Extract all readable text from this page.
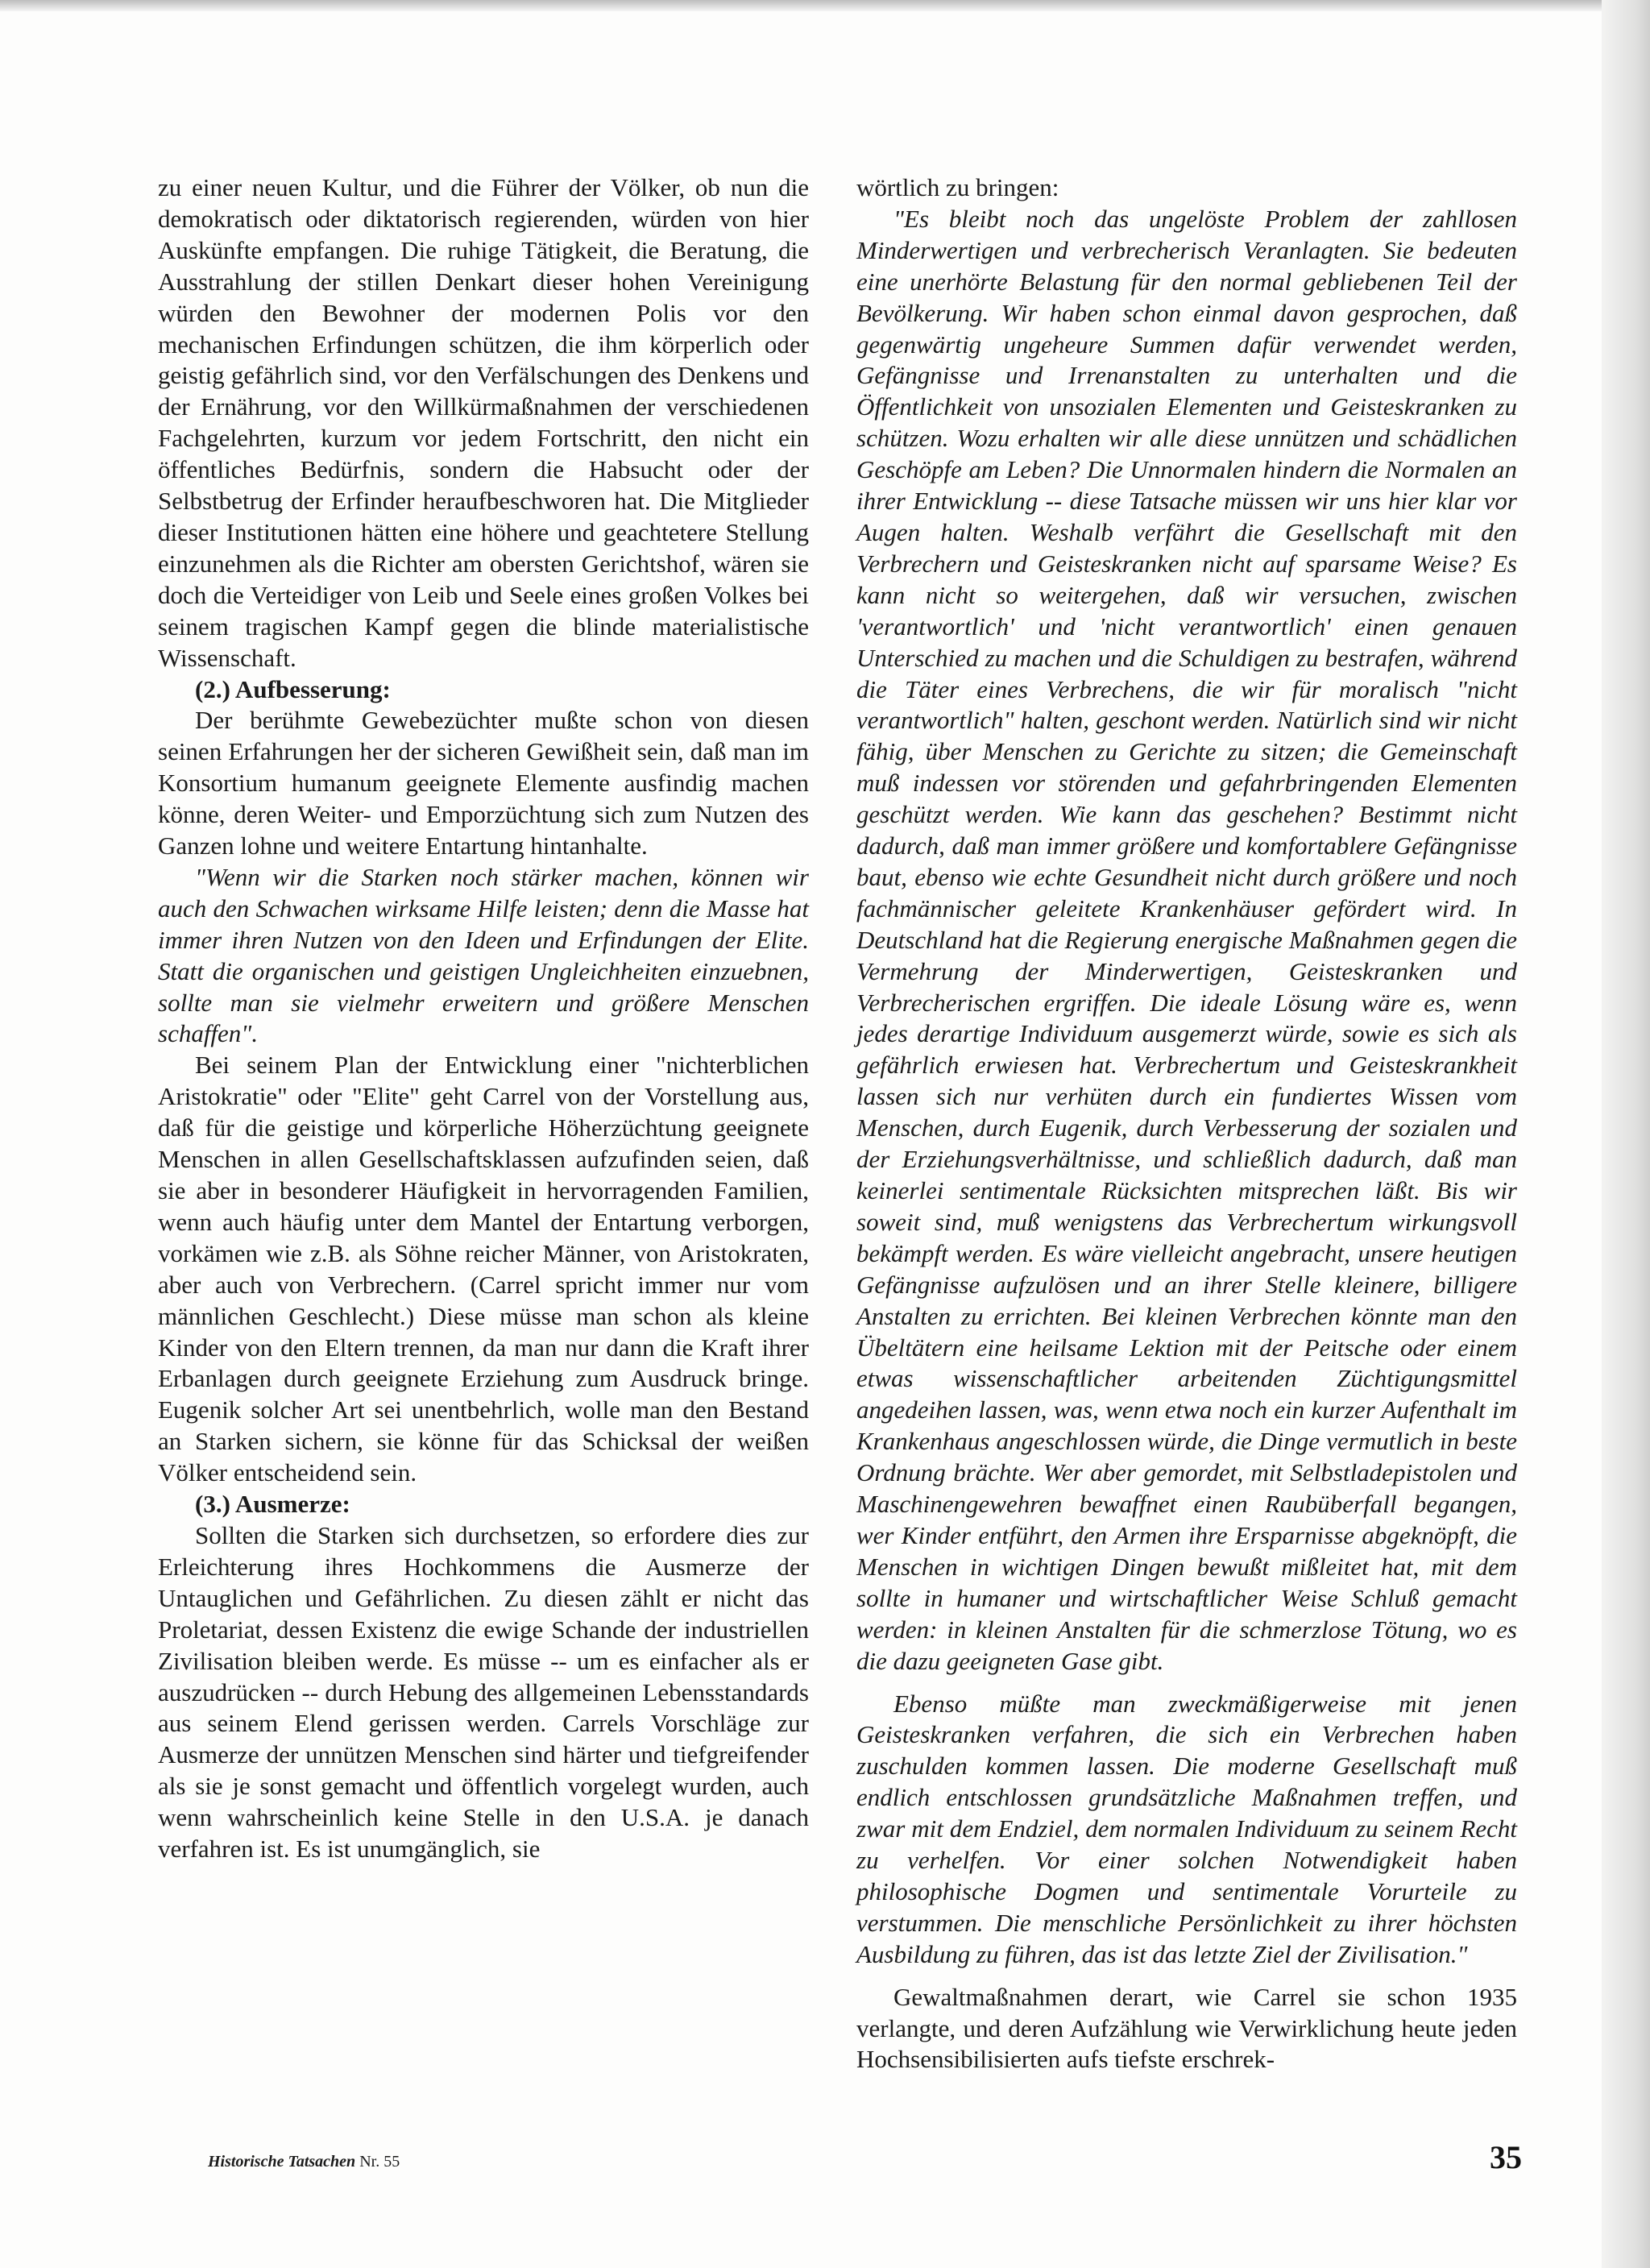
zu einer neuen Kultur, und die Führer der Völker, ob nun die demokratisch oder diktatorisch regierenden, würden von hier Auskünfte empfangen. Die ruhige Tätigkeit, die Beratung, die Ausstrahlung der stillen Denkart dieser hohen Vereinigung würden den Bewohner der modernen Polis vor den mechanischen Erfindungen schützen, die ihm körperlich oder geistig gefährlich sind, vor den Verfälschungen des Denkens und der Ernährung, vor den Willkürmaßnahmen der verschiedenen Fachgelehrten, kurzum vor jedem Fortschritt, den nicht ein öffentliches Bedürfnis, sondern die Habsucht oder der Selbstbetrug der Erfinder heraufbeschworen hat. Die Mitglieder dieser Institutionen hätten eine höhere und geachtetere Stellung einzunehmen als die Richter am obersten Gerichtshof, wären sie doch die Verteidiger von Leib und Seele eines großen Volkes bei seinem tragischen Kampf gegen die blinde materialistische Wissenschaft.

(2.) Aufbesserung:

Der berühmte Gewebezüchter mußte schon von diesen seinen Erfahrungen her der sicheren Gewißheit sein, daß man im Konsortium humanum geeignete Elemente ausfindig machen könne, deren Weiter- und Emporzüchtung sich zum Nutzen des Ganzen lohne und weitere Entartung hintanhalte.

"Wenn wir die Starken noch stärker machen, können wir auch den Schwachen wirksame Hilfe leisten; denn die Masse hat immer ihren Nutzen von den Ideen und Erfindungen der Elite. Statt die organischen und geistigen Ungleichheiten einzuebnen, sollte man sie vielmehr erweitern und größere Menschen schaffen".

Bei seinem Plan der Entwicklung einer "nichterblichen Aristokratie" oder "Elite" geht Carrel von der Vorstellung aus, daß für die geistige und körperliche Höherzüchtung geeignete Menschen in allen Gesellschaftsklassen aufzufinden seien, daß sie aber in besonderer Häufigkeit in hervorragenden Familien, wenn auch häufig unter dem Mantel der Entartung verborgen, vorkämen wie z.B. als Söhne reicher Männer, von Aristokraten, aber auch von Verbrechern. (Carrel spricht immer nur vom männlichen Geschlecht.) Diese müsse man schon als kleine Kinder von den Eltern trennen, da man nur dann die Kraft ihrer Erbanlagen durch geeignete Erziehung zum Ausdruck bringe. Eugenik solcher Art sei unentbehrlich, wolle man den Bestand an Starken sichern, sie könne für das Schicksal der weißen Völker entscheidend sein.

(3.) Ausmerze:

Sollten die Starken sich durchsetzen, so erfordere dies zur Erleichterung ihres Hochkommens die Ausmerze der Untauglichen und Gefährlichen. Zu diesen zählt er nicht das Proletariat, dessen Existenz die ewige Schande der industriellen Zivilisation bleiben werde. Es müsse -- um es einfacher als er auszudrücken -- durch Hebung des allgemeinen Lebensstandards aus seinem Elend gerissen werden. Carrels Vorschläge zur Ausmerze der unnützen Menschen sind härter und tiefgreifender als sie je sonst gemacht und öffentlich vorgelegt wurden, auch wenn wahrscheinlich keine Stelle in den U.S.A. je danach verfahren ist. Es ist unumgänglich, sie

wörtlich zu bringen:

"Es bleibt noch das ungelöste Problem der zahllosen Minderwertigen und verbrecherisch Veranlagten. Sie bedeuten eine unerhörte Belastung für den normal gebliebenen Teil der Bevölkerung. Wir haben schon einmal davon gesprochen, daß gegenwärtig ungeheure Summen dafür verwendet werden, Gefängnisse und Irrenanstalten zu unterhalten und die Öffentlichkeit von unsozialen Elementen und Geisteskranken zu schützen. Wozu erhalten wir alle diese unnützen und schädlichen Geschöpfe am Leben? Die Unnormalen hindern die Normalen an ihrer Entwicklung -- diese Tatsache müssen wir uns hier klar vor Augen halten. Weshalb verfährt die Gesellschaft mit den Verbrechern und Geisteskranken nicht auf sparsame Weise? Es kann nicht so weitergehen, daß wir versuchen, zwischen 'verantwortlich' und 'nicht verantwortlich' einen genauen Unterschied zu machen und die Schuldigen zu bestrafen, während die Täter eines Verbrechens, die wir für moralisch "nicht verantwortlich" halten, geschont werden. Natürlich sind wir nicht fähig, über Menschen zu Gerichte zu sitzen; die Gemeinschaft muß indessen vor störenden und gefahrbringenden Elementen geschützt werden. Wie kann das geschehen? Bestimmt nicht dadurch, daß man immer größere und komfortablere Gefängnisse baut, ebenso wie echte Gesundheit nicht durch größere und noch fachmännischer geleitete Krankenhäuser gefördert wird. In Deutschland hat die Regierung energische Maßnahmen gegen die Vermehrung der Minderwertigen, Geisteskranken und Verbrecherischen ergriffen. Die ideale Lösung wäre es, wenn jedes derartige Individuum ausgemerzt würde, sowie es sich als gefährlich erwiesen hat. Verbrechertum und Geisteskrankheit lassen sich nur verhüten durch ein fundiertes Wissen vom Menschen, durch Eugenik, durch Verbesserung der sozialen und der Erziehungsverhältnisse, und schließlich dadurch, daß man keinerlei sentimentale Rücksichten mitsprechen läßt. Bis wir soweit sind, muß wenigstens das Verbrechertum wirkungsvoll bekämpft werden. Es wäre vielleicht angebracht, unsere heutigen Gefängnisse aufzulösen und an ihrer Stelle kleinere, billigere Anstalten zu errichten. Bei kleinen Verbrechen könnte man den Übeltätern eine heilsame Lektion mit der Peitsche oder einem etwas wissenschaftlicher arbeitenden Züchtigungsmittel angedeihen lassen, was, wenn etwa noch ein kurzer Aufenthalt im Krankenhaus angeschlossen würde, die Dinge vermutlich in beste Ordnung brächte. Wer aber gemordet, mit Selbstladepistolen und Maschinengewehren bewaffnet einen Raubüberfall begangen, wer Kinder entführt, den Armen ihre Ersparnisse abgeknöpft, die Menschen in wichtigen Dingen bewußt mißleitet hat, mit dem sollte in humaner und wirtschaftlicher Weise Schluß gemacht werden: in kleinen Anstalten für die schmerzlose Tötung, wo es die dazu geeigneten Gase gibt.

Ebenso müßte man zweckmäßigerweise mit jenen Geisteskranken verfahren, die sich ein Verbrechen haben zuschulden kommen lassen. Die moderne Gesellschaft muß endlich entschlossen grundsätzliche Maßnahmen treffen, und zwar mit dem Endziel, dem normalen Individuum zu seinem Recht zu verhelfen. Vor einer solchen Notwendigkeit haben philosophische Dogmen und sentimentale Vorurteile zu verstummen. Die menschliche Persönlichkeit zu ihrer höchsten Ausbildung zu führen, das ist das letzte Ziel der Zivilisation."

Gewaltmaßnahmen derart, wie Carrel sie schon 1935 verlangte, und deren Aufzählung wie Verwirklichung heute jeden Hochsensibilisierten aufs tiefste erschrek-

Historische Tatsachen Nr. 55	35
